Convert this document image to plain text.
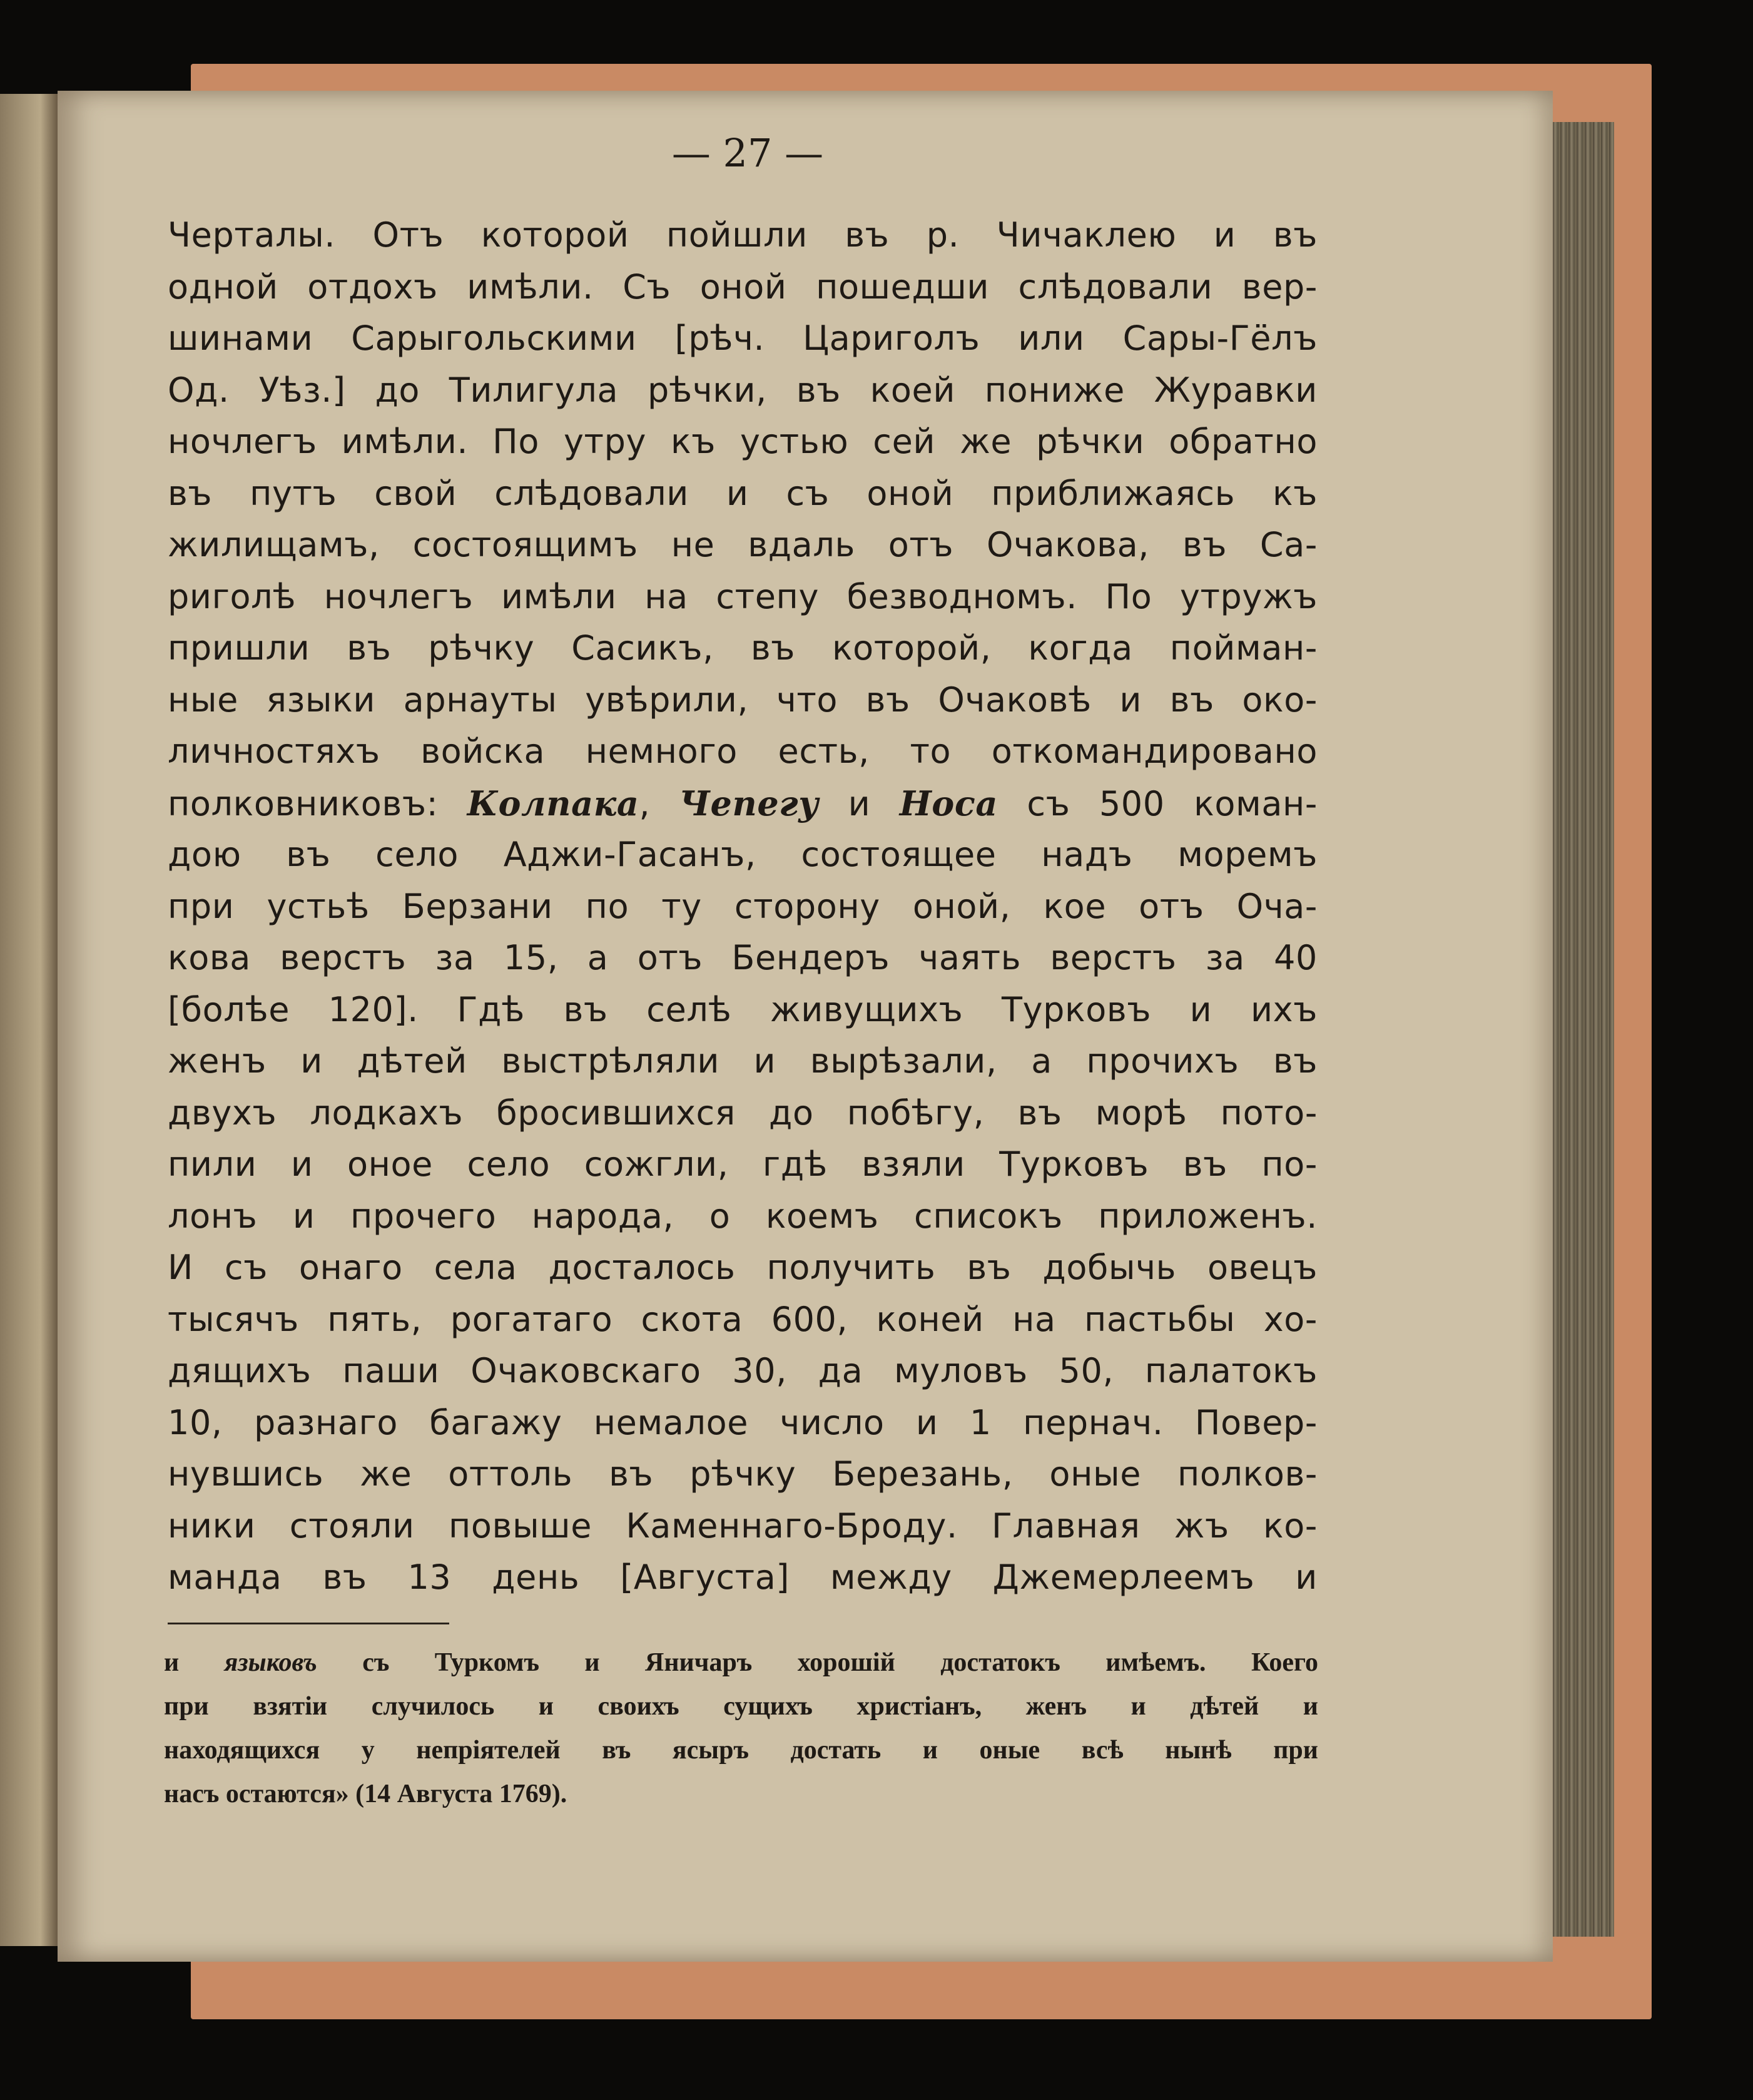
— 27 —
Черталы. Отъ которой пойшли въ р. Чичаклею и въ
одной отдохъ имѣли. Съ оной пошедши слѣдовали вер-
шинами Сарыгольскими [рѣч. Цариголъ или Сары-Гёлъ
Од. Уѣз.] до Тилигула рѣчки, въ коей пониже Журавки
ночлегъ имѣли. По утру къ устью сей же рѣчки обратно
въ путъ свой слѣдовали и съ оной приближаясь къ
жилищамъ, состоящимъ не вдаль отъ Очакова, въ Са-
риголѣ ночлегъ имѣли на степу безводномъ. По утружъ
пришли въ рѣчку Сасикъ, въ которой, когда пойман-
ные языки арнауты увѣрили, что въ Очаковѣ и въ око-
личностяхъ войска немного есть, то откомандировано
полковниковъ: Колпака, Чепегу и Носа съ 500 коман-
дою въ село Аджи-Гасанъ, состоящее надъ моремъ
при устьѣ Берзани по ту сторону оной, кое отъ Оча-
кова верстъ за 15, а отъ Бендеръ чаять верстъ за 40
[болѣе 120]. Гдѣ въ селѣ живущихъ Турковъ и ихъ
женъ и дѣтей выстрѣляли и вырѣзали, а прочихъ въ
двухъ лодкахъ бросившихся до побѣгу, въ морѣ пото-
пили и оное село сожгли, гдѣ взяли Турковъ въ по-
лонъ и прочего народа, о коемъ списокъ приложенъ.
И съ онаго села досталось получить въ добычь овецъ
тысячъ пять, рогатаго скота 600, коней на пастьбы хо-
дящихъ паши Очаковскаго 30, да муловъ 50, палатокъ
10, разнаго багажу немалое число и 1 пернач. Повер-
нувшись же оттоль въ рѣчку Березань, оные полков-
ники стояли повыше Каменнаго-Броду. Главная жъ ко-
манда въ 13 день [Августа] между Джемерлеемъ и
и языковъ съ Туркомъ и Яничаръ хорошій достатокъ имѣемъ. Коего
при взятіи случилось и своихъ сущихъ христіанъ, женъ и дѣтей и
находящихся у непріятелей въ ясыръ достать и оные всѣ нынѣ при
насъ остаются» (14 Августа 1769).
